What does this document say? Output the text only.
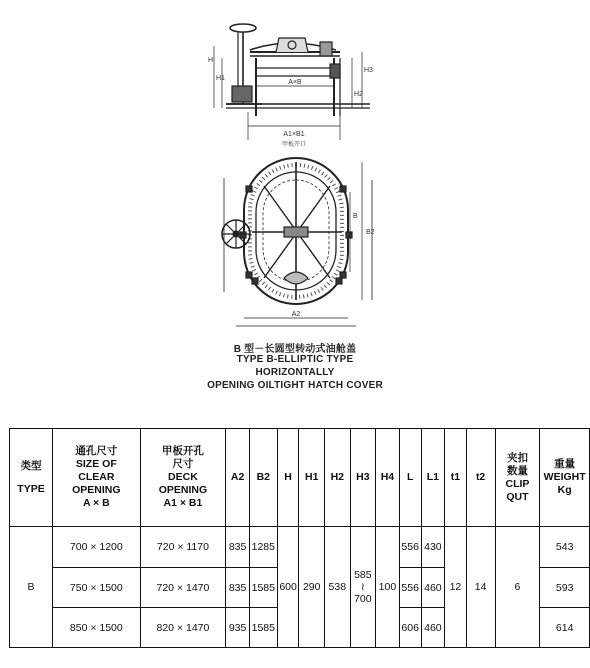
A×B
A1×B1
甲板开口
A2
B2
B
H
H1
H2
H3
B 型－长圆型转动式油舱盖
TYPE B-ELLIPTIC TYPE
HORIZONTALLY
OPENING OILTIGHT HATCH COVER
类型
TYPE	通孔尺寸
SIZE OF
CLEAR
OPENING
A × B	甲板开孔
尺寸
DECK
OPENING
A1 × B1	A2	B2	H	H1	H2	H3	H4	L	L1	t1	t2	夹扣
数量
CLIP
QUT	重量
WEIGHT
Kg

B	700 × 1200	720 × 1170	835	1285	600	290	538	585
≀
700	100	556	430	12	14	6	543
	750 × 1500	720 × 1470	835	1585						556	460				593
	850 × 1500	820 × 1470	935	1585						606	460				614
